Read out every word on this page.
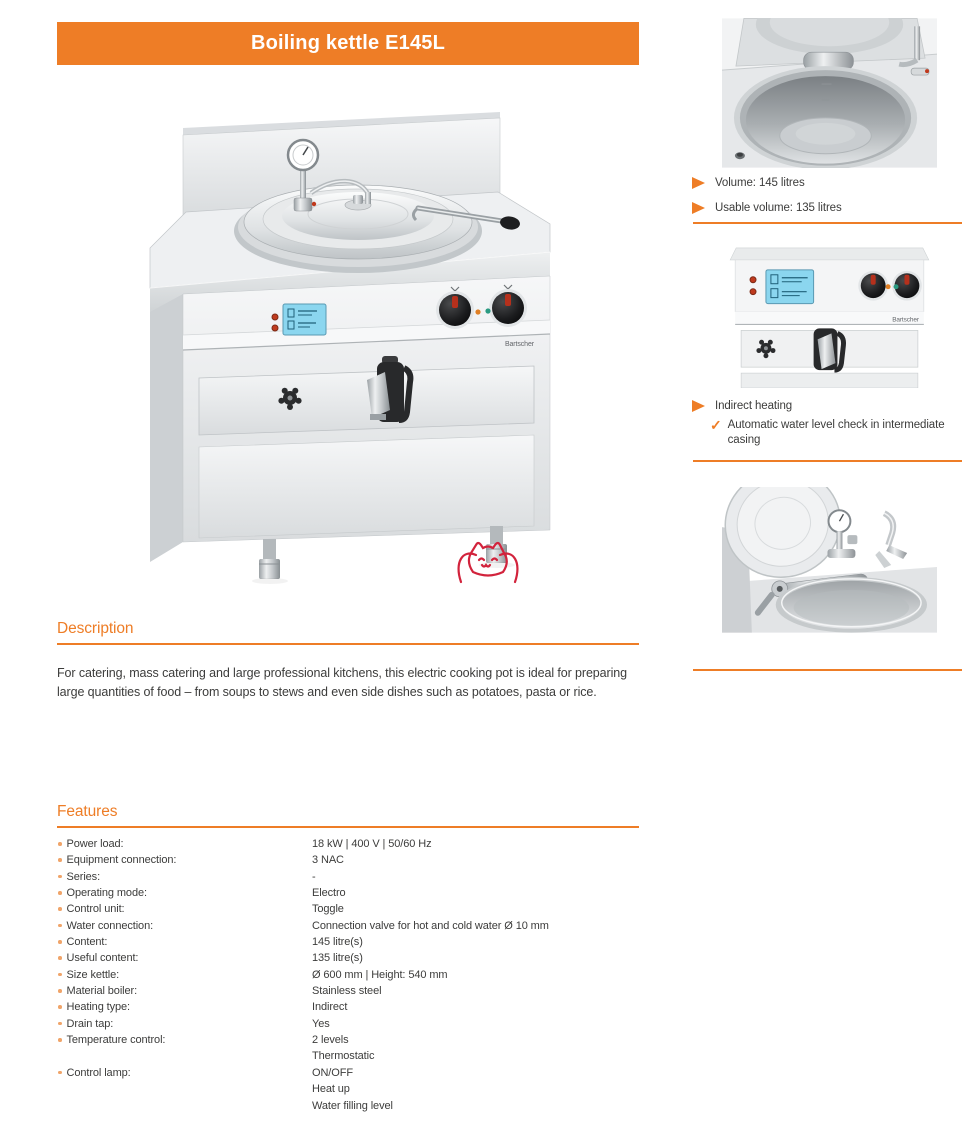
Boiling kettle E145L
Bartscher
Volume: 145 litres
Usable volume: 135 litres
Bartscher
Indirect heating
✓ Automatic water level check in intermediate casing
Description

For catering, mass catering and large professional kitchens, this electric cooking pot is ideal for preparing large quantities of food – from soups to stews and even side dishes such as potatoes, pasta or rice.

Features
Power load:	18 kW | 400 V | 50/60 Hz
Equipment connection:	3 NAC
Series:	-
Operating mode:	Electro
Control unit:	Toggle
Water connection:	Connection valve for hot and cold water Ø 10 mm
Content:	145 litre(s)
Useful content:	135 litre(s)
Size kettle:	Ø 600 mm | Height: 540 mm
Material boiler:	Stainless steel
Heating type:	Indirect
Drain tap:	Yes
Temperature control:	2 levels
Thermostatic
Control lamp:	ON/OFF
Heat up
Water filling level
